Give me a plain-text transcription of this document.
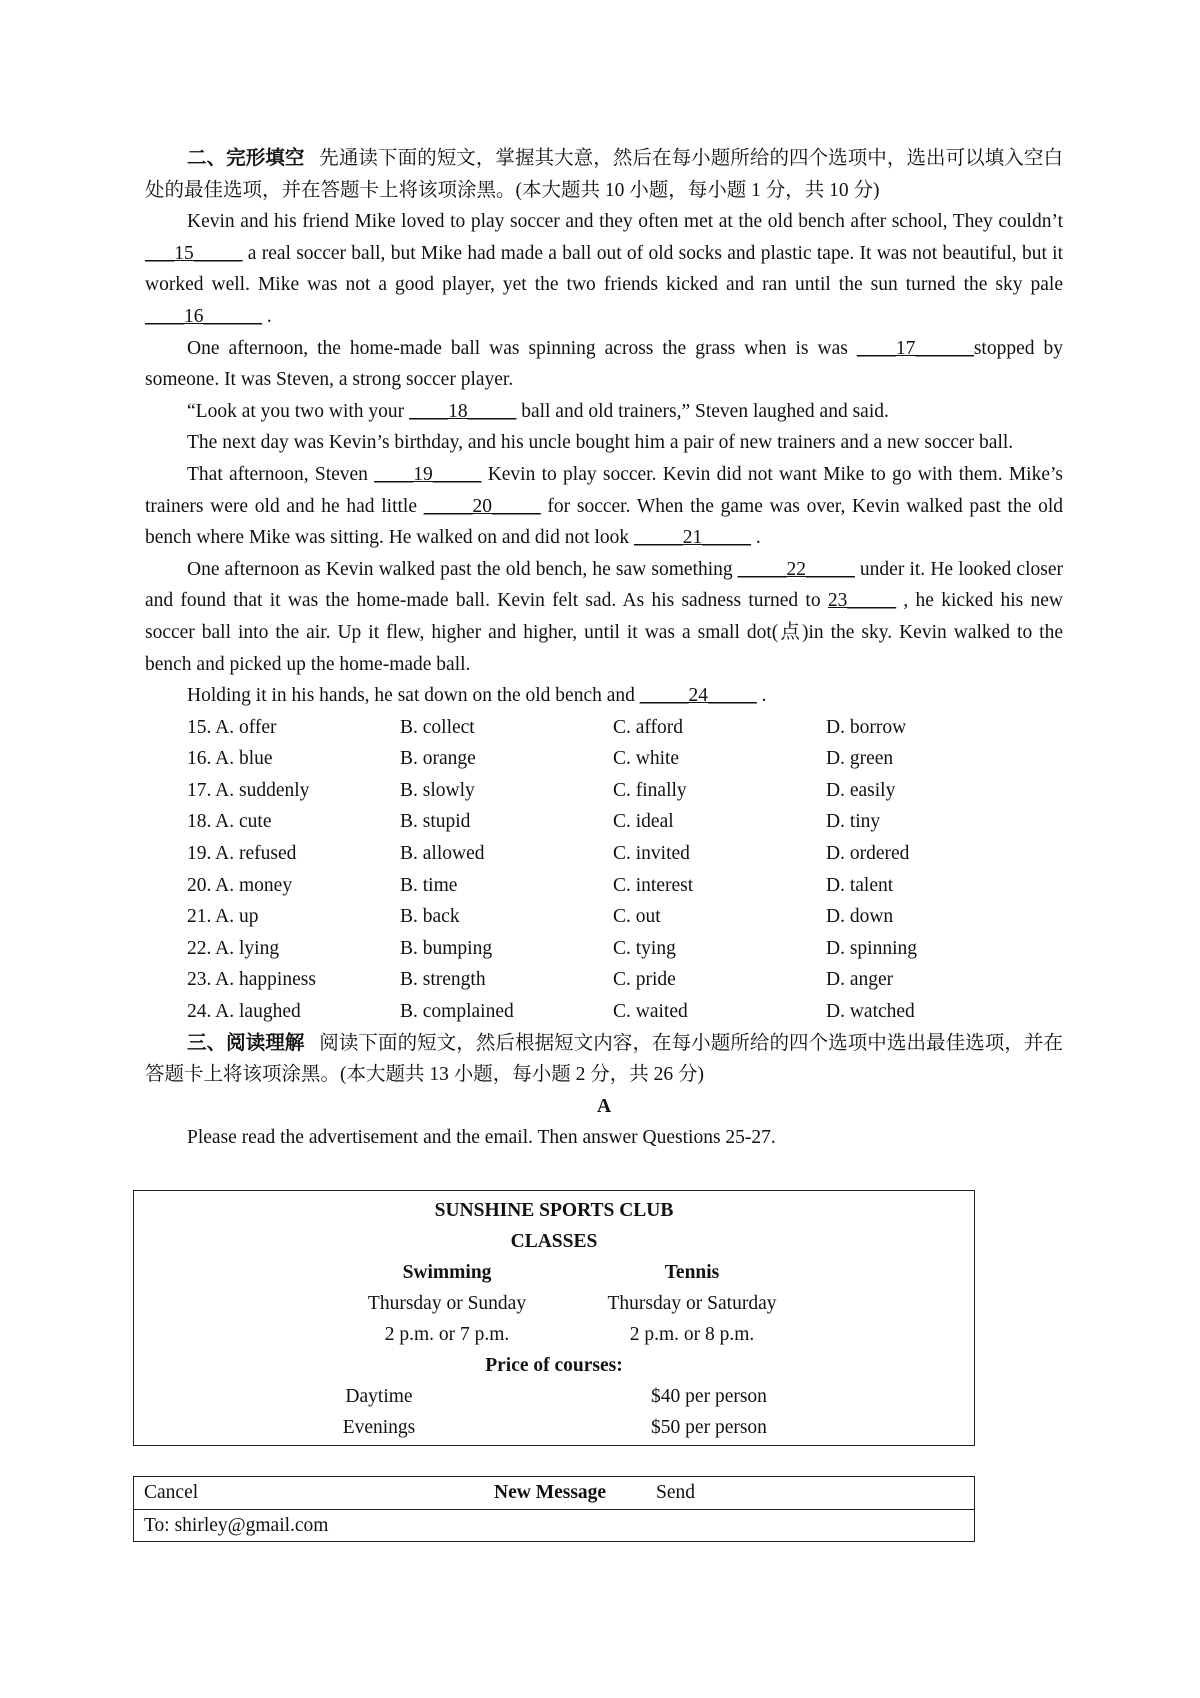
二、完形填空 先通读下面的短文，掌握其大意，然后在每小题所给的四个选项中，选出可以填入空白处的最佳选项，并在答题卡上将该项涂黑。(本大题共 10 小题，每小题 1 分，共 10 分)

Kevin and his friend Mike loved to play soccer and they often met at the old bench after school, They couldn’t ___15_____ a real soccer ball, but Mike had made a ball out of old socks and plastic tape. It was not beautiful, but it worked well. Mike was not a good player, yet the two friends kicked and ran until the sun turned the sky pale ____16______ .

One afternoon, the home-made ball was spinning across the grass when is was ____17______stopped by someone. It was Steven, a strong soccer player.

“Look at you two with your ____18_____ ball and old trainers,” Steven laughed and said.

The next day was Kevin’s birthday, and his uncle bought him a pair of new trainers and a new soccer ball.

That afternoon, Steven ____19_____ Kevin to play soccer. Kevin did not want Mike to go with them. Mike’s trainers were old and he had little _____20_____ for soccer. When the game was over, Kevin walked past the old bench where Mike was sitting. He walked on and did not look _____21_____ .

One afternoon as Kevin walked past the old bench, he saw something _____22_____ under it. He looked closer and found that it was the home-made ball. Kevin felt sad. As his sadness turned to 23_____ , he kicked his new soccer ball into the air. Up it flew, higher and higher, until it was a small dot(点)in the sky. Kevin walked to the bench and picked up the home-made ball.

Holding it in his hands, he sat down on the old bench and _____24_____ .

15. A. offer	B. collect	C. afford	D. borrow
16. A. blue	B. orange	C. white	D. green
17. A. suddenly	B. slowly	C. finally	D. easily
18. A. cute	B. stupid	C. ideal	D. tiny
19. A. refused	B. allowed	C. invited	D. ordered
20. A. money	B. time	C. interest	D. talent
21. A. up	B. back	C. out	D. down
22. A. lying	B. bumping	C. tying	D. spinning
23. A. happiness	B. strength	C. pride	D. anger
24. A. laughed	B. complained	C. waited	D. watched

三、阅读理解 阅读下面的短文，然后根据短文内容，在每小题所给的四个选项中选出最佳选项，并在答题卡上将该项涂黑。(本大题共 13 小题，每小题 2 分，共 26 分)

A

Please read the advertisement and the email. Then answer Questions 25-27.

SUNSHINE SPORTS CLUB
CLASSES
Swimming	Tennis
Thursday or Sunday	Thursday or Saturday
2 p.m. or 7 p.m.	2 p.m. or 8 p.m.
Price of courses:
Daytime	$40 per person
Evenings	$50 per person
Cancel	New Message	Send
To: shirley@gmail.com
